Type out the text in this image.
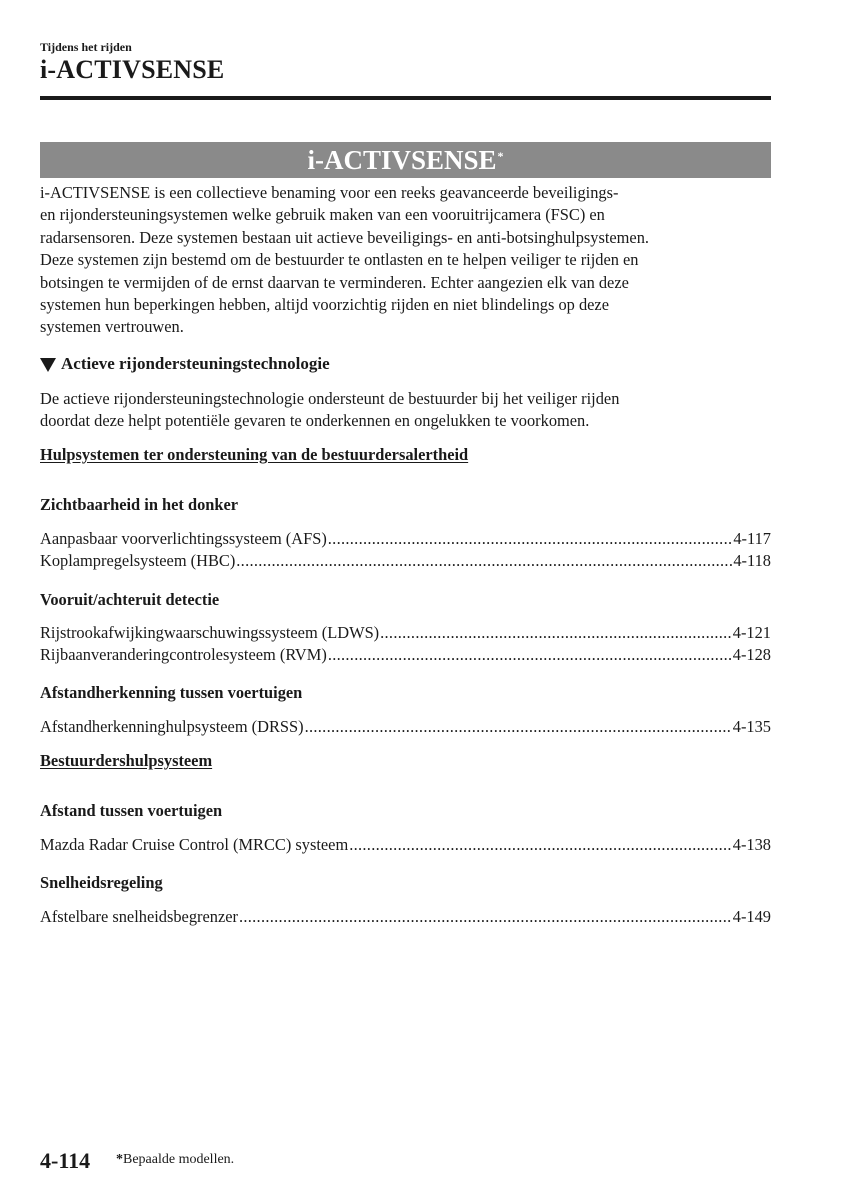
Tijdens het rijden
i-ACTIVSENSE
i-ACTIVSENSE*

i-ACTIVSENSE is een collectieve benaming voor een reeks geavanceerde beveiligings-

en rijondersteuningsystemen welke gebruik maken van een vooruitrijcamera (FSC) en

radarsensoren. Deze systemen bestaan uit actieve beveiligings- en anti-botsinghulpsystemen.

Deze systemen zijn bestemd om de bestuurder te ontlasten en te helpen veiliger te rijden en

botsingen te vermijden of de ernst daarvan te verminderen. Echter aangezien elk van deze

systemen hun beperkingen hebben, altijd voorzichtig rijden en niet blindelings op deze

systemen vertrouwen.

Actieve rijondersteuningstechnologie

De actieve rijondersteuningstechnologie ondersteunt de bestuurder bij het veiliger rijden

doordat deze helpt potentiële gevaren te onderkennen en ongelukken te voorkomen.

Hulpsystemen ter ondersteuning van de bestuurdersalertheid
Zichtbaarheid in het donker
Aanpasbaar voorverlichtingssysteem (AFS) .....	4-117
Koplampregelsysteem (HBC) .....	4-118
Vooruit/achteruit detectie
Rijstrookafwijkingwaarschuwingssysteem (LDWS) .....	4-121
Rijbaanveranderingcontrolesysteem (RVM) .....	4-128
Afstandherkenning tussen voertuigen
Afstandherkenninghulpsysteem (DRSS) .....	4-135
Bestuurdershulpsysteem
Afstand tussen voertuigen
Mazda Radar Cruise Control (MRCC) systeem .....	4-138
Snelheidsregeling
Afstelbare snelheidsbegrenzer .....	4-149
4-114 *Bepaalde modellen.
